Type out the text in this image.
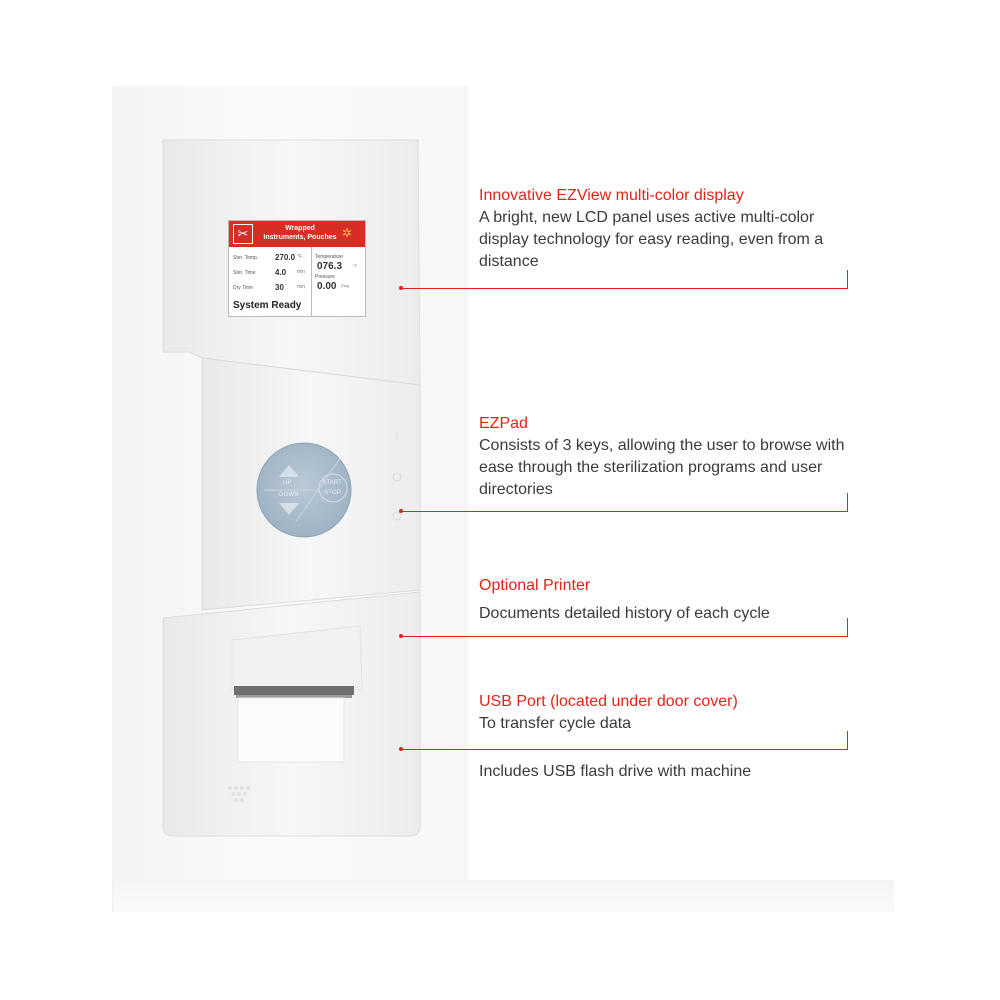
✂	Wrapped
Instruments, Pouches ✲
Ster. Temp. 270.0 °F
Ster. Time 4.0 min
Dry Time	30	min
Temperature
076.3	°F
Pressure
0.00 Psig
System Ready
UP
DOWN
START
STOP
Innovative EZView multi-color display
A bright, new LCD panel uses active multi-color display technology for easy reading, even from a distance
EZPad
Consists of 3 keys, allowing the user to browse with ease through the sterilization programs and user directories
Optional Printer
Documents detailed history of each cycle
USB Port (located under door cover)
To transfer cycle data
Includes USB flash drive with machine
